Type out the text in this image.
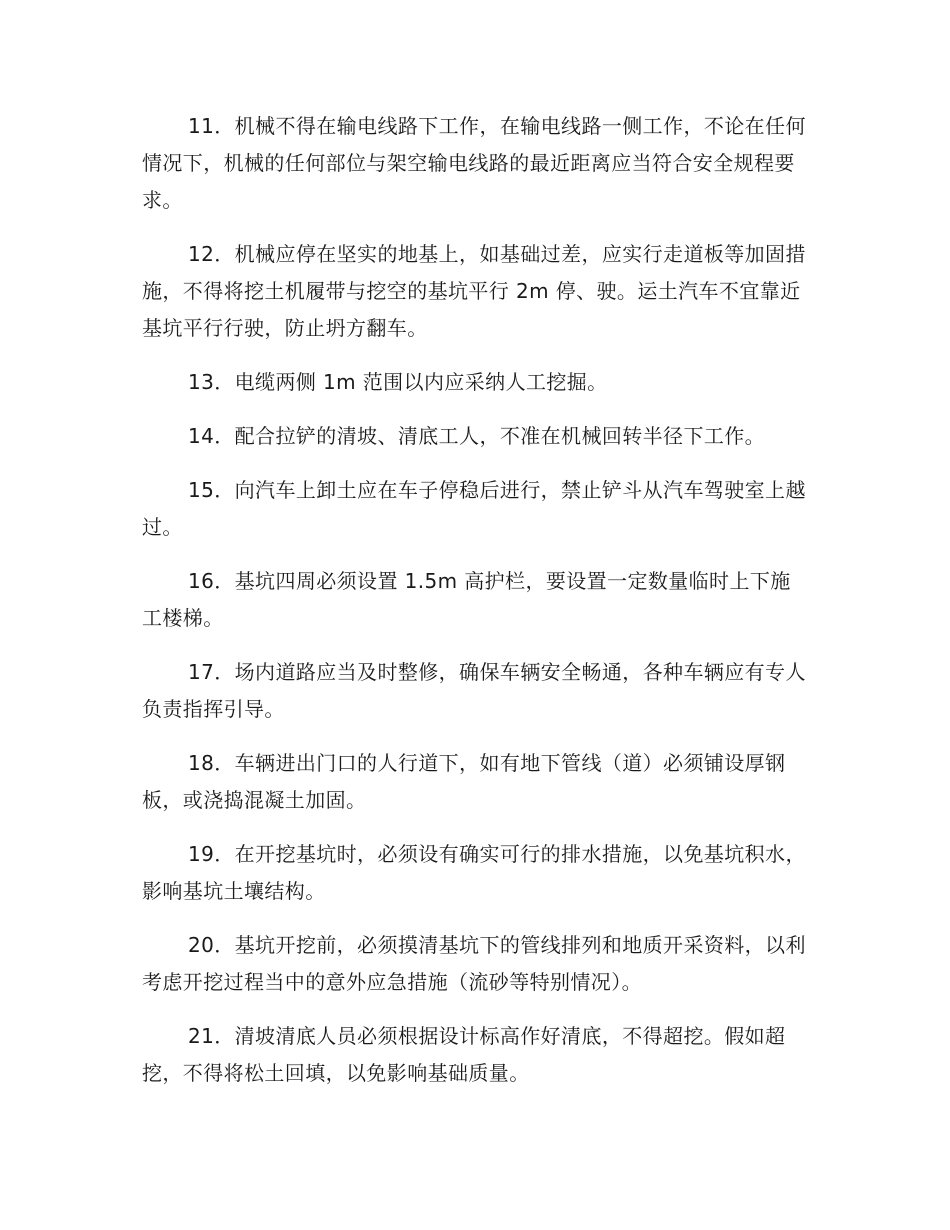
11．机械不得在输电线路下工作，在输电线路一侧工作，不论在任何情况下，机械的任何部位与架空输电线路的最近距离应当符合安全规程要求。

12．机械应停在坚实的地基上，如基础过差，应实行走道板等加固措施，不得将挖土机履带与挖空的基坑平行 2m 停、驶。运土汽车不宜靠近基坑平行行驶，防止坍方翻车。

13．电缆两侧 1m 范围以内应采纳人工挖掘。

14．配合拉铲的清坡、清底工人，不准在机械回转半径下工作。

15．向汽车上卸土应在车子停稳后进行，禁止铲斗从汽车驾驶室上越过。

16．基坑四周必须设置 1.5m 高护栏，要设置一定数量临时上下施工楼梯。

17．场内道路应当及时整修，确保车辆安全畅通，各种车辆应有专人负责指挥引导。

18．车辆进出门口的人行道下，如有地下管线（道）必须铺设厚钢板，或浇捣混凝土加固。

19．在开挖基坑时，必须设有确实可行的排水措施，以免基坑积水，影响基坑土壤结构。

20．基坑开挖前，必须摸清基坑下的管线排列和地质开采资料，以利考虑开挖过程当中的意外应急措施（流砂等特别情况）。

21．清坡清底人员必须根据设计标高作好清底，不得超挖。假如超挖，不得将松土回填，以免影响基础质量。
